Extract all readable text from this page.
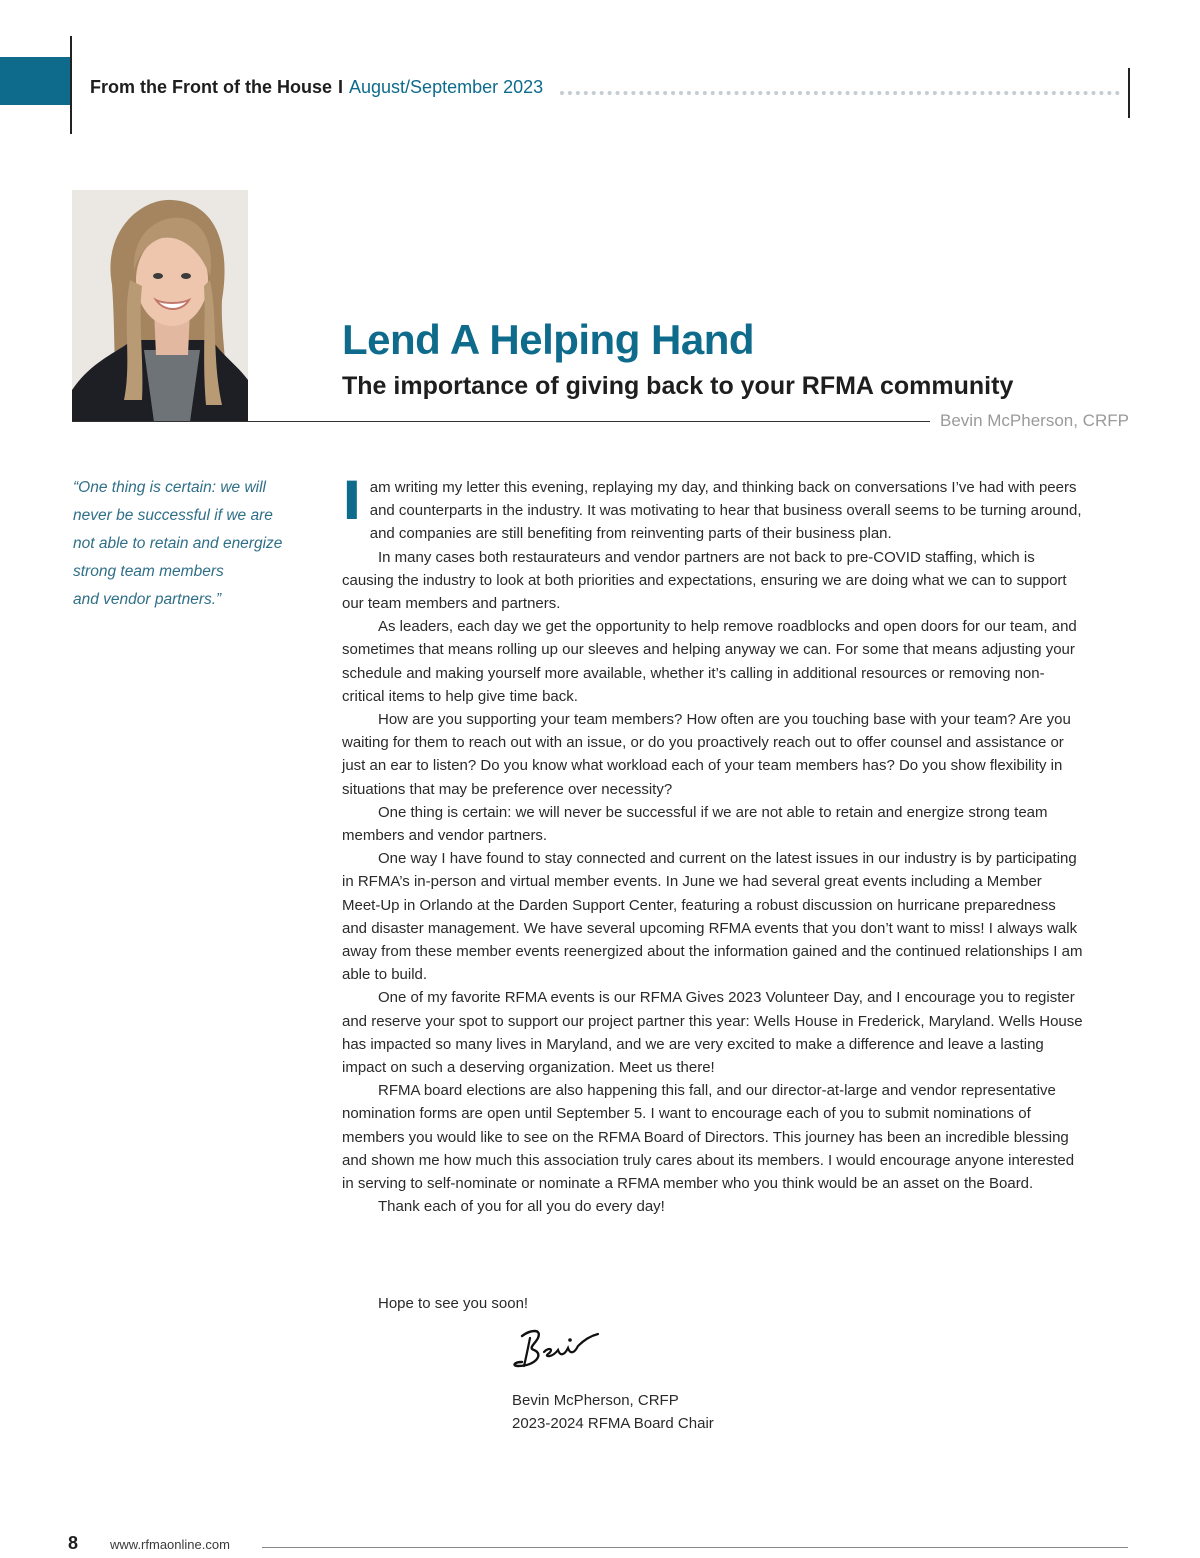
From the Front of the House I August/September 2023
Lend A Helping Hand
The importance of giving back to your RFMA community
Bevin McPherson, CRFP
“One thing is certain: we will
never be successful if we are
not able to retain and energize
strong team members
and vendor partners.”

Iam writing my letter this evening, replaying my day, and thinking back on conversations I’ve had with peers and counterparts in the industry. It was motivating to hear that business overall seems to be turning around, and companies are still benefiting from reinventing parts of their business plan.

In many cases both restaurateurs and vendor partners are not back to pre-COVID staffing, which is causing the industry to look at both priorities and expectations, ensuring we are doing what we can to support our team members and partners.

As leaders, each day we get the opportunity to help remove roadblocks and open doors for our team, and sometimes that means rolling up our sleeves and helping anyway we can. For some that means adjusting your schedule and making yourself more available, whether it’s calling in additional resources or removing non-critical items to help give time back.

How are you supporting your team members? How often are you touching base with your team? Are you waiting for them to reach out with an issue, or do you proactively reach out to offer counsel and assistance or just an ear to listen? Do you know what workload each of your team members has? Do you show flexibility in situations that may be preference over necessity?

One thing is certain: we will never be successful if we are not able to retain and energize strong team members and vendor partners.

One way I have found to stay connected and current on the latest issues in our industry is by participating in RFMA’s in-person and virtual member events. In June we had several great events including a Member Meet-Up in Orlando at the Darden Support Center, featuring a robust discussion on hurricane preparedness and disaster management. We have several upcoming RFMA events that you don’t want to miss! I always walk away from these member events reenergized about the information gained and the continued relationships I am able to build.

One of my favorite RFMA events is our RFMA Gives 2023 Volunteer Day, and I encourage you to register and reserve your spot to support our project partner this year: Wells House in Frederick, Maryland. Wells House has impacted so many lives in Maryland, and we are very excited to make a difference and leave a lasting impact on such a deserving organization. Meet us there!

RFMA board elections are also happening this fall, and our director-at-large and vendor representative nomination forms are open until September 5. I want to encourage each of you to submit nominations of members you would like to see on the RFMA Board of Directors. This journey has been an incredible blessing and shown me how much this association truly cares about its members. I would encourage anyone interested in serving to self-nominate or nominate a RFMA member who you think would be an asset on the Board.

Thank each of you for all you do every day!

Hope to see you soon!
Bevin McPherson, CRFP
2023-2024 RFMA Board Chair
8 www.rfmaonline.com
